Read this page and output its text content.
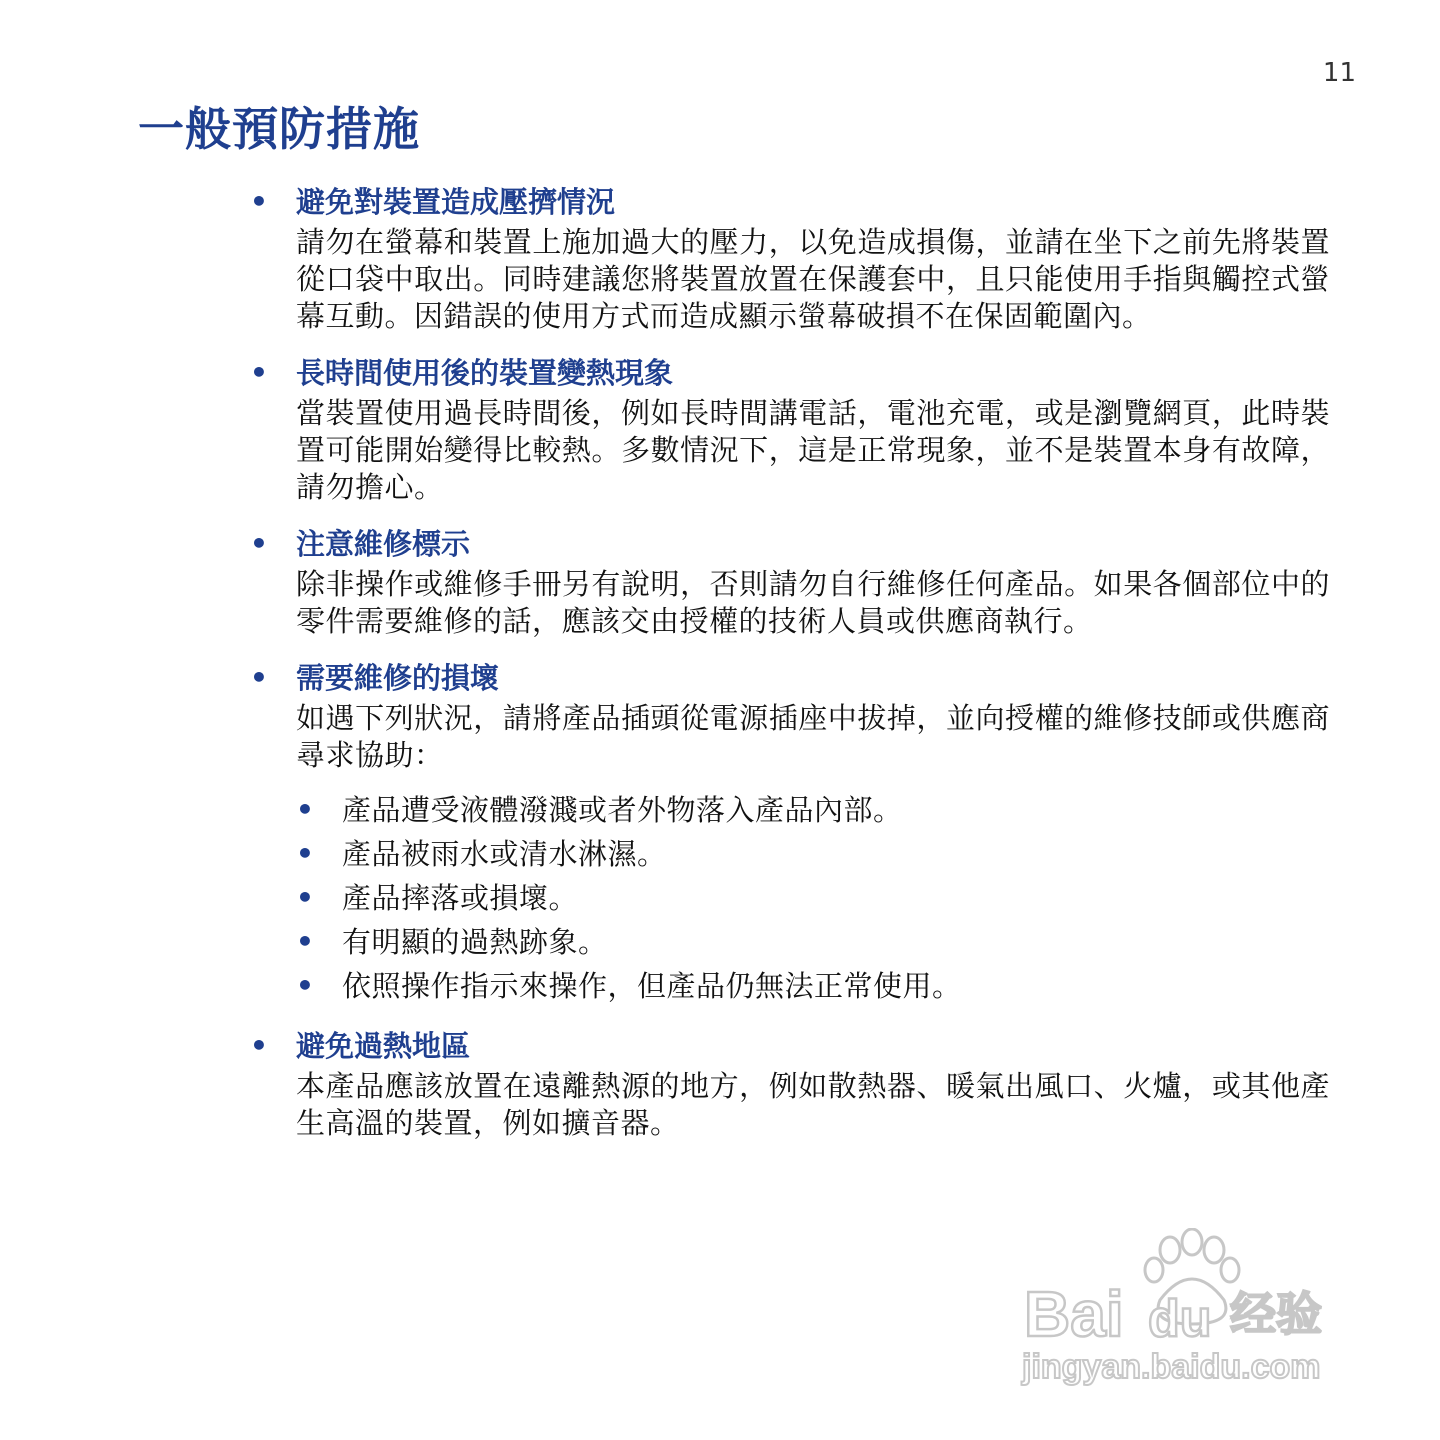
11
一般預防措施
• 避免對裝置造成壓擠情況

請勿在螢幕和裝置上施加過大的壓力，以免造成損傷，並請在坐下之前先將裝置從口袋中取出。同時建議您將裝置放置在保護套中，且只能使用手指與觸控式螢幕互動。因錯誤的使用方式而造成顯示螢幕破損不在保固範圍內。

• 長時間使用後的裝置變熱現象

當裝置使用過長時間後，例如長時間講電話，電池充電，或是瀏覽網頁，此時裝置可能開始變得比較熱。多數情況下，這是正常現象，並不是裝置本身有故障，請勿擔心。

• 注意維修標示

除非操作或維修手冊另有說明，否則請勿自行維修任何產品。如果各個部位中的零件需要維修的話，應該交由授權的技術人員或供應商執行。

• 需要維修的損壞

如遇下列狀況，請將產品插頭從電源插座中拔掉，並向授權的維修技師或供應商尋求協助：

• 產品遭受液體潑濺或者外物落入產品內部。
• 產品被雨水或清水淋濕。
• 產品摔落或損壞。
• 有明顯的過熱跡象。
• 依照操作指示來操作，但產品仍無法正常使用。
• 避免過熱地區

本產品應該放置在遠離熱源的地方，例如散熱器、暖氣出風口、火爐，或其他產生高溫的裝置，例如擴音器。

Bai du 经验
jingyan.baidu.com
